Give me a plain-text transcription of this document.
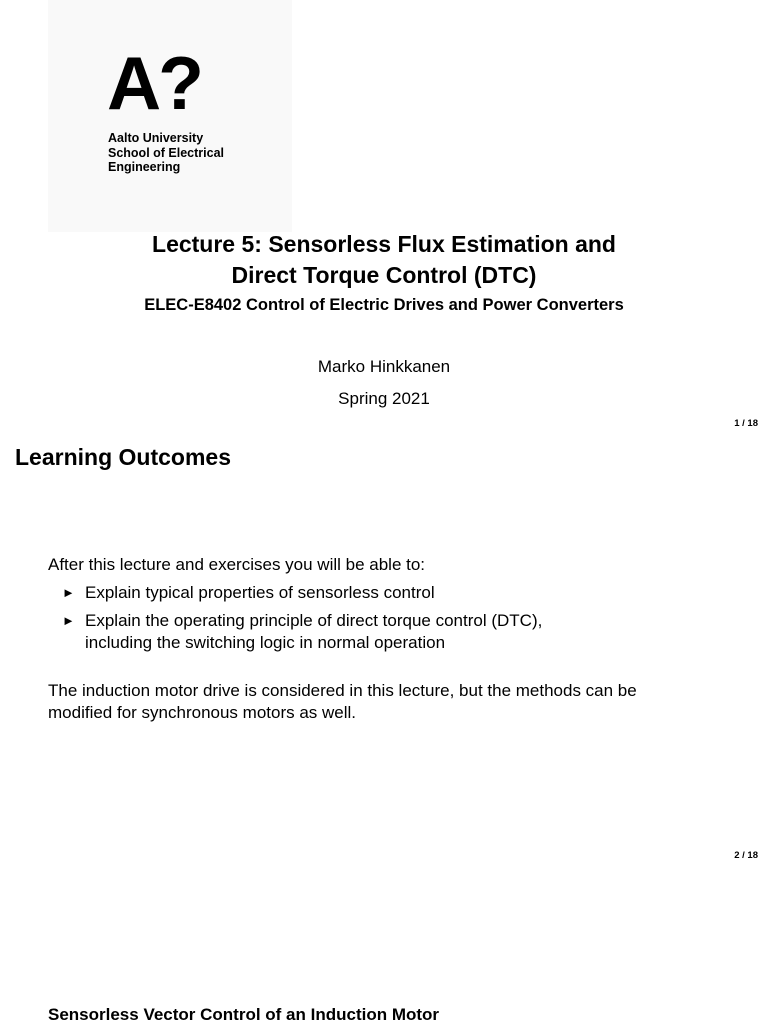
A?
Aalto University
School of Electrical
Engineering
Lecture 5: Sensorless Flux Estimation and
Direct Torque Control (DTC)
ELEC-E8402 Control of Electric Drives and Power Converters
Marko Hinkkanen
Spring 2021
1 / 18
Learning Outcomes
After this lecture and exercises you will be able to:
► Explain typical properties of sensorless control
► Explain the operating principle of direct torque control (DTC),
including the switching logic in normal operation
The induction motor drive is considered in this lecture, but the methods can be
modified for synchronous motors as well.
2 / 18
Sensorless Vector Control of an Induction Motor
